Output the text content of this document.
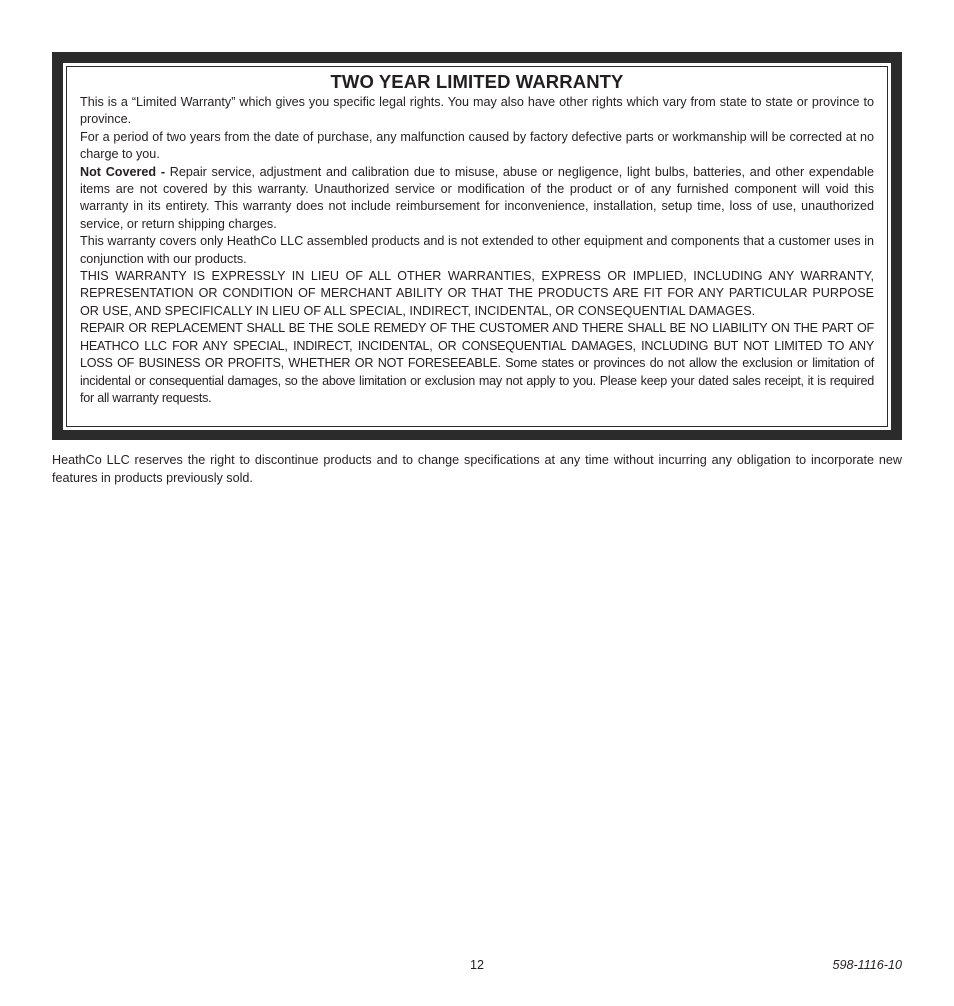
TWO YEAR LIMITED WARRANTY

This is a “Limited Warranty” which gives you specific legal rights. You may also have other rights which vary from state to state or province to province.

For a period of two years from the date of purchase, any malfunction caused by factory defective parts or workmanship will be corrected at no charge to you.

Not Covered - Repair service, adjustment and calibration due to misuse, abuse or negligence, light bulbs, batteries, and other expendable items are not covered by this warranty. Unauthorized service or modification of the product or of any furnished component will void this warranty in its entirety. This warranty does not include reimbursement for inconvenience, installation, setup time, loss of use, unauthorized service, or return shipping charges.

This warranty covers only HeathCo LLC assembled products and is not extended to other equipment and components that a customer uses in conjunction with our products.

THIS WARRANTY IS EXPRESSLY IN LIEU OF ALL OTHER WARRANTIES, EXPRESS OR IMPLIED, INCLUDING ANY WARRANTY, REPRESENTATION OR CONDITION OF MERCHANT ABILITY OR THAT THE PRODUCTS ARE FIT FOR ANY PARTICULAR PURPOSE OR USE, AND SPECIFICALLY IN LIEU OF ALL SPECIAL, INDIRECT, INCIDENTAL, OR CONSEQUENTIAL DAMAGES.

REPAIR OR REPLACEMENT SHALL BE THE SOLE REMEDY OF THE CUSTOMER AND THERE SHALL BE NO LIABILITY ON THE PART OF HEATHCO LLC FOR ANY SPECIAL, INDIRECT, INCIDENTAL, OR CONSEQUENTIAL DAMAGES, INCLUDING BUT NOT LIMITED TO ANY LOSS OF BUSINESS OR PROFITS, WHETHER OR NOT FORESEEABLE. Some states or provinces do not allow the exclusion or limitation of incidental or consequential damages, so the above limitation or exclusion may not apply to you. Please keep your dated sales receipt, it is required for all warranty requests.

HeathCo LLC reserves the right to discontinue products and to change specifications at any time without incurring any obligation to incorporate new features in products previously sold.

12	598-1116-10
